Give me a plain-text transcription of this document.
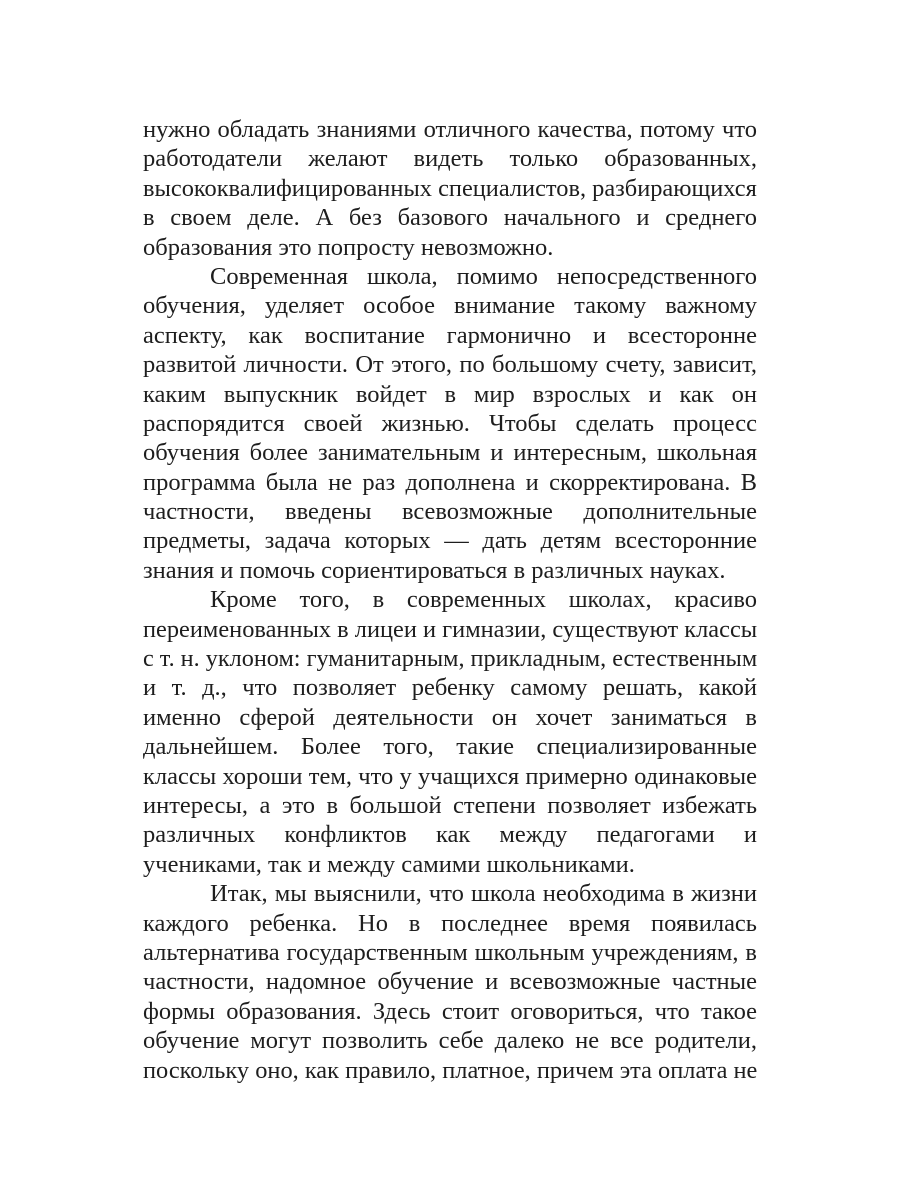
нужно обладать знаниями отличного качества, потому что
работодатели желают видеть только образованных,
высококвалифицированных специалистов, разбирающихся
в своем деле. А без базового начального и среднего
образования это попросту невозможно.
Современная школа, помимо непосредственного
обучения, уделяет особое внимание такому важному
аспекту, как воспитание гармонично и всесторонне
развитой личности. От этого, по большому счету, зависит,
каким выпускник войдет в мир взрослых и как он
распорядится своей жизнью. Чтобы сделать процесс
обучения более занимательным и интересным, школьная
программа была не раз дополнена и скорректирована. В
частности, введены всевозможные дополнительные
предметы, задача которых — дать детям всесторонние
знания и помочь сориентироваться в различных науках.
Кроме того, в современных школах, красиво
переименованных в лицеи и гимназии, существуют классы
с т. н. уклоном: гуманитарным, прикладным, естественным
и т. д., что позволяет ребенку самому решать, какой
именно сферой деятельности он хочет заниматься в
дальнейшем. Более того, такие специализированные
классы хороши тем, что у учащихся примерно одинаковые
интересы, а это в большой степени позволяет избежать
различных конфликтов как между педагогами и
учениками, так и между самими школьниками.
Итак, мы выяснили, что школа необходима в жизни
каждого ребенка. Но в последнее время появилась
альтернатива государственным школьным учреждениям, в
частности, надомное обучение и всевозможные частные
формы образования. Здесь стоит оговориться, что такое
обучение могут позволить себе далеко не все родители,
поскольку оно, как правило, платное, причем эта оплата не
